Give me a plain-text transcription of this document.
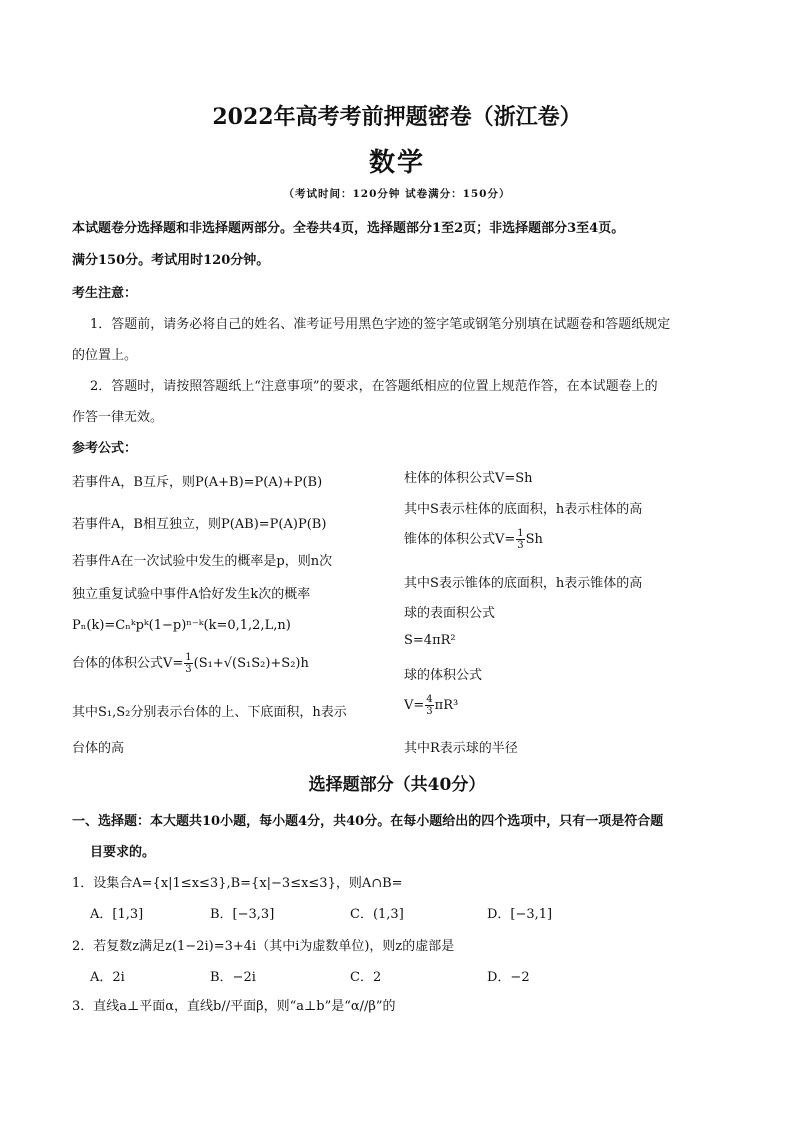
2022年高考考前押题密卷（浙江卷）
数学
（考试时间：120分钟 试卷满分：150分）
本试题卷分选择题和非选择题两部分。全卷共4页，选择题部分1至2页；非选择题部分3至4页。
满分150分。考试用时120分钟。
考生注意：
1．答题前，请务必将自己的姓名、准考证号用黑色字迹的签字笔或钢笔分别填在试题卷和答题纸规定
的位置上。
2．答题时，请按照答题纸上“注意事项”的要求，在答题纸相应的位置上规范作答，在本试题卷上的
作答一律无效。
参考公式：
若事件A，B互斥，则P(A+B)=P(A)+P(B)
若事件A，B相互独立，则P(AB)=P(A)P(B)
若事件A在一次试验中发生的概率是p，则n次
独立重复试验中事件A恰好发生k次的概率
Pₙ(k)=Cₙᵏpᵏ(1−p)ⁿ⁻ᵏ(k=0,1,2,L,n)
台体的体积公式$V= \frac{1}{3} (S_1+√(S_1S_2)+S_2)h$
其中S₁,S₂分别表示台体的上、下底面积，h表示
台体的高
柱体的体积公式V=Sh
其中S表示柱体的底面积，h表示柱体的高
锥体的体积公式$V= \frac{1}{3}$ Sh
其中S表示锥体的底面积，h表示锥体的高
球的表面积公式
S=4πR²
球的体积公式
$V= \frac{4}{3} \pi R^3$
其中R表示球的半径
选择题部分（共40分）
一、选择题：本大题共10小题，每小题4分，共40分。在每小题给出的四个选项中，只有一项是符合题
目要求的。
1．设集合A={x|1≤x≤3},B={x|−3≤x≤3}，则A∩B=
A．[1,3]	B．[−3,3]	C．(1,3]	D．[−3,1]
2．若复数z满足z(1−2i)=3+4i（其中i为虚数单位)，则z的虚部是
A．2i	B．−2i	C．2	D．−2
3．直线a⊥平面α，直线b//平面β，则“a⊥b”是“α//β”的
